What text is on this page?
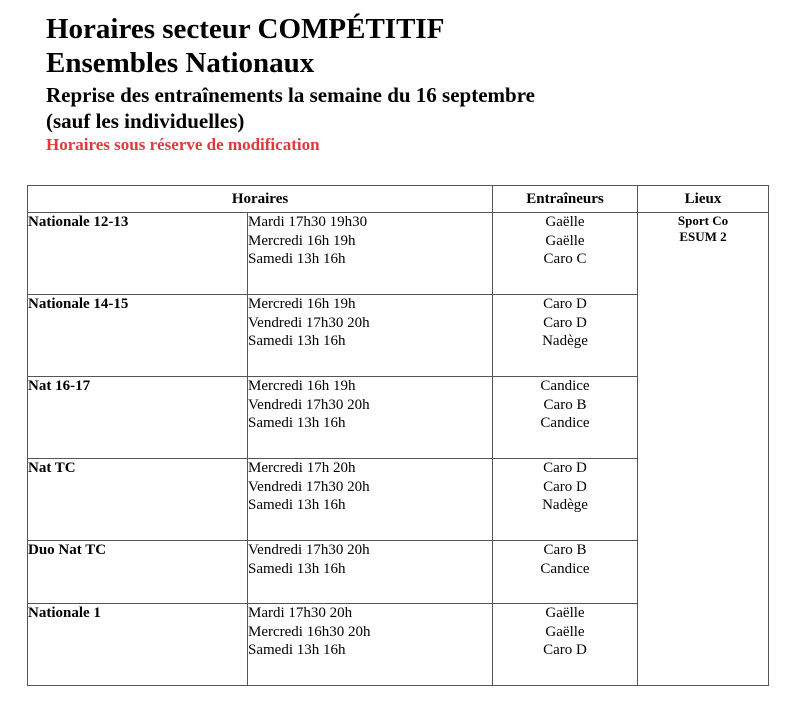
Horaires secteur COMPÉTITIF
Ensembles Nationaux
Reprise des entraînements la semaine du 16 septembre
(sauf les individuelles)
Horaires sous réserve de modification
Horaires		Entraîneurs	Lieux
Nationale 12-13	Mardi 17h30 19h30
Mercredi 16h 19h
Samedi 13h 16h	Gaëlle
Gaëlle
Caro C	Sport Co
ESUM 2

Nationale 14-15	Mercredi 16h 19h
Vendredi 17h30 20h
Samedi 13h 16h	Caro D
Caro D
Nadège	

Nat 16-17	Mercredi 16h 19h
Vendredi 17h30 20h
Samedi 13h 16h	Candice
Caro B
Candice	

Nat TC	Mercredi 17h 20h
Vendredi 17h30 20h
Samedi 13h 16h	Caro D
Caro D
Nadège	

Duo Nat TC	Vendredi 17h30 20h
Samedi 13h 16h	Caro B
Candice	

Nationale 1	Mardi 17h30 20h
Mercredi 16h30 20h
Samedi 13h 16h	Gaëlle
Gaëlle
Caro D	
